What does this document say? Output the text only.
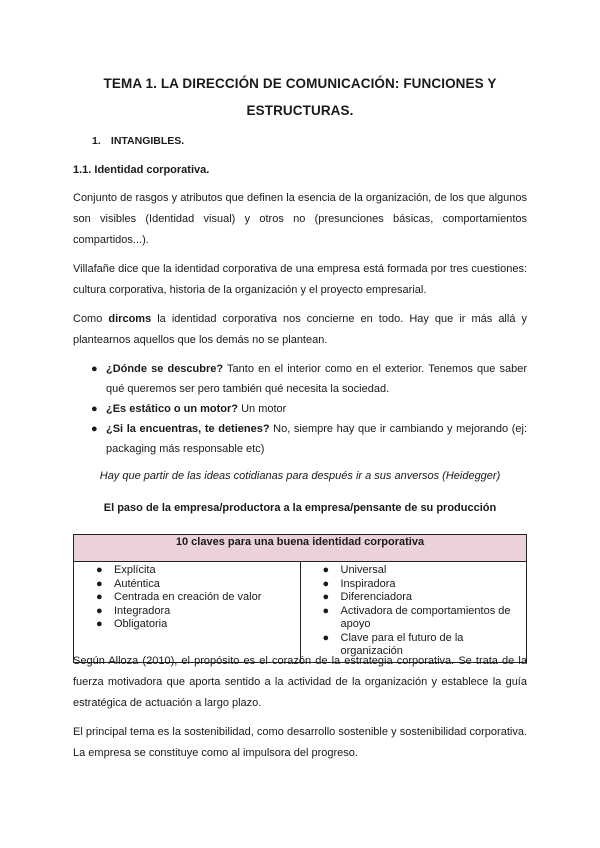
TEMA 1. LA DIRECCIÓN DE COMUNICACIÓN: FUNCIONES Y
ESTRUCTURAS.
1. INTANGIBLES.
1.1. Identidad corporativa.

Conjunto de rasgos y atributos que definen la esencia de la organización, de los que algunos son visibles (Identidad visual) y otros no (presunciones básicas, comportamientos compartidos...).

Villafañe dice que la identidad corporativa de una empresa está formada por tres cuestiones: cultura corporativa, historia de la organización y el proyecto empresarial.

Como dircoms la identidad corporativa nos concierne en todo. Hay que ir más allá y plantearnos aquellos que los demás no se plantean.

● ¿Dónde se descubre? Tanto en el interior como en el exterior. Tenemos que saber qué queremos ser pero también qué necesita la sociedad.
● ¿Es estático o un motor? Un motor
● ¿Si la encuentras, te detienes? No, siempre hay que ir cambiando y mejorando (ej: packaging más responsable etc)
Hay que partir de las ideas cotidianas para después ir a sus anversos (Heidegger)
El paso de la empresa/productora a la empresa/pensante de su producción
10 claves para una buena identidad corporativa

● Explícita
● Auténtica
● Centrada en creación de valor
● Integradora
● Obligatoria

● Universal
● Inspiradora
● Diferenciadora
● Activadora de comportamientos de apoyo
● Clave para el futuro de la organización

Según Alloza (2010), el propósito es el corazón de la estrategia corporativa. Se trata de la fuerza motivadora que aporta sentido a la actividad de la organización y establece la guía estratégica de actuación a largo plazo.

El principal tema es la sostenibilidad, como desarrollo sostenible y sostenibilidad corporativa. La empresa se constituye como al impulsora del progreso.
